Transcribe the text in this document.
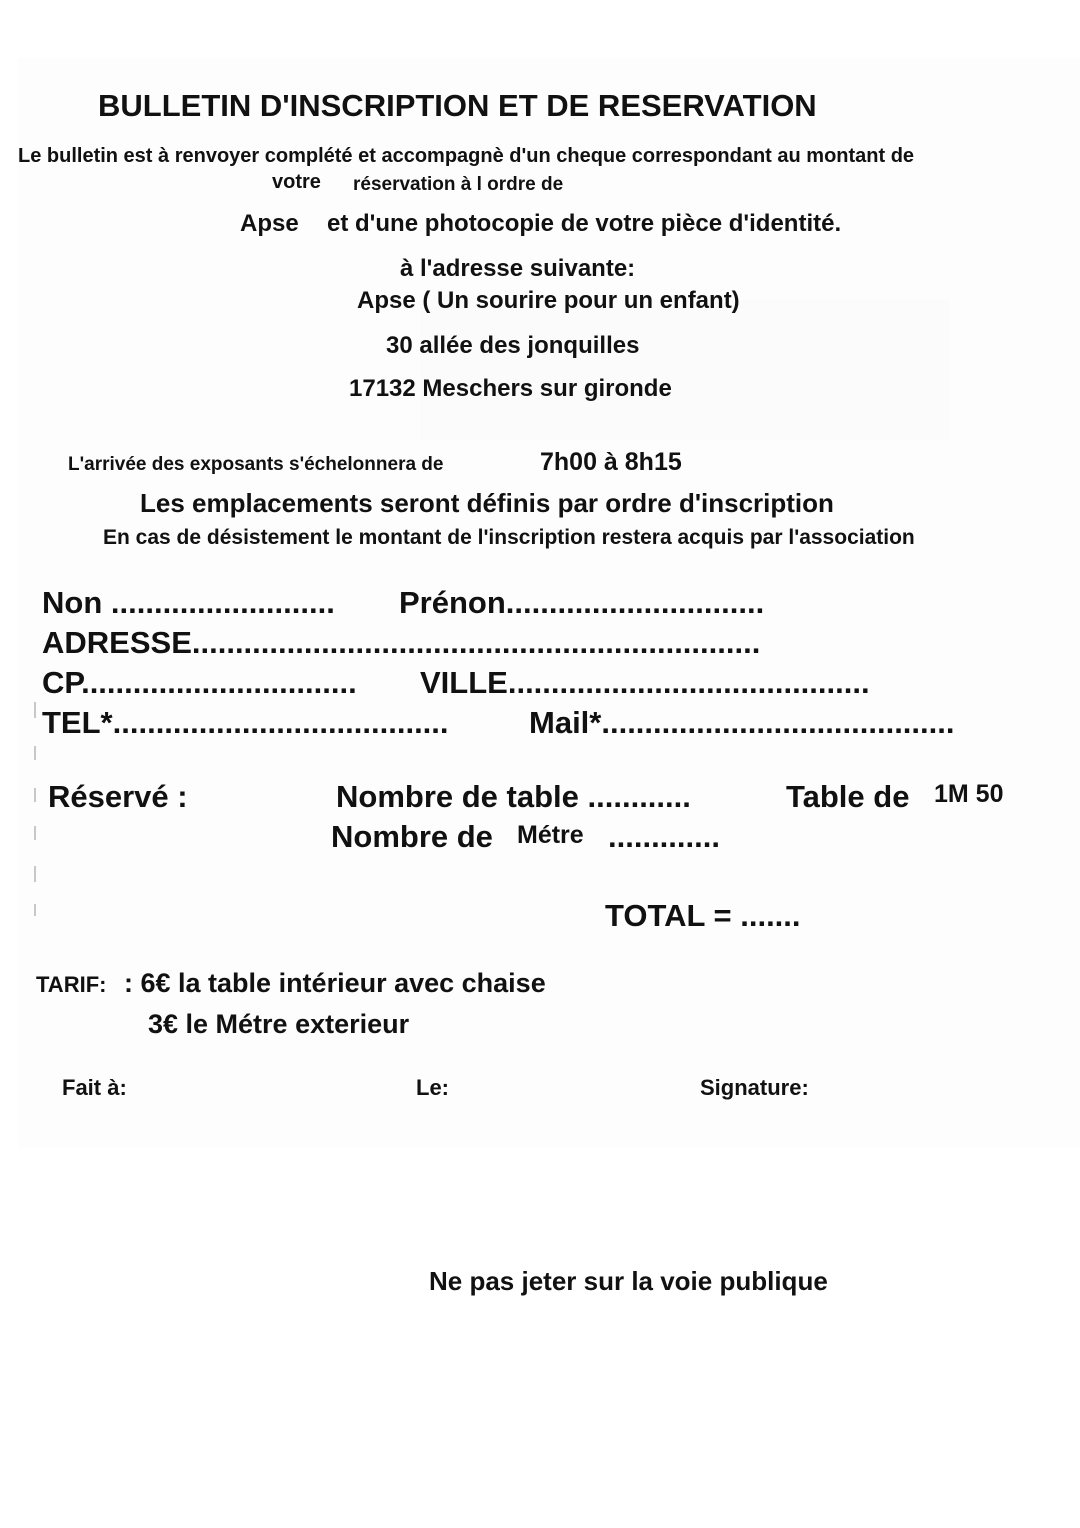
BULLETIN D'INSCRIPTION ET DE RESERVATION
Le bulletin est à renvoyer complété et accompagnè d'un cheque correspondant au montant de
votre réservation à l ordre de
Apse et d'une photocopie de votre pièce d'identité.
à l'adresse suivante:
Apse ( Un sourire pour un enfant)
30 allée des jonquilles
17132 Meschers sur gironde
L'arrivée des exposants s'échelonnera de	7h00 à 8h15
Les emplacements seront définis par ordre d'inscription
En cas de désistement le montant de l'inscription restera acquis par l'association
Non .......................... Prénon..............................
ADRESSE..................................................................
CP................................ VILLE..........................................
TEL*.......................................	Mail*.........................................
Réservé :	Nombre de table ............	Table de 1M 50
Nombre de Métre .............
TOTAL = .......
TARIF: : 6€ la table intérieur avec chaise
3€ le Métre exterieur
Fait à:	Le:	Signature:
Ne pas jeter sur la voie publique
